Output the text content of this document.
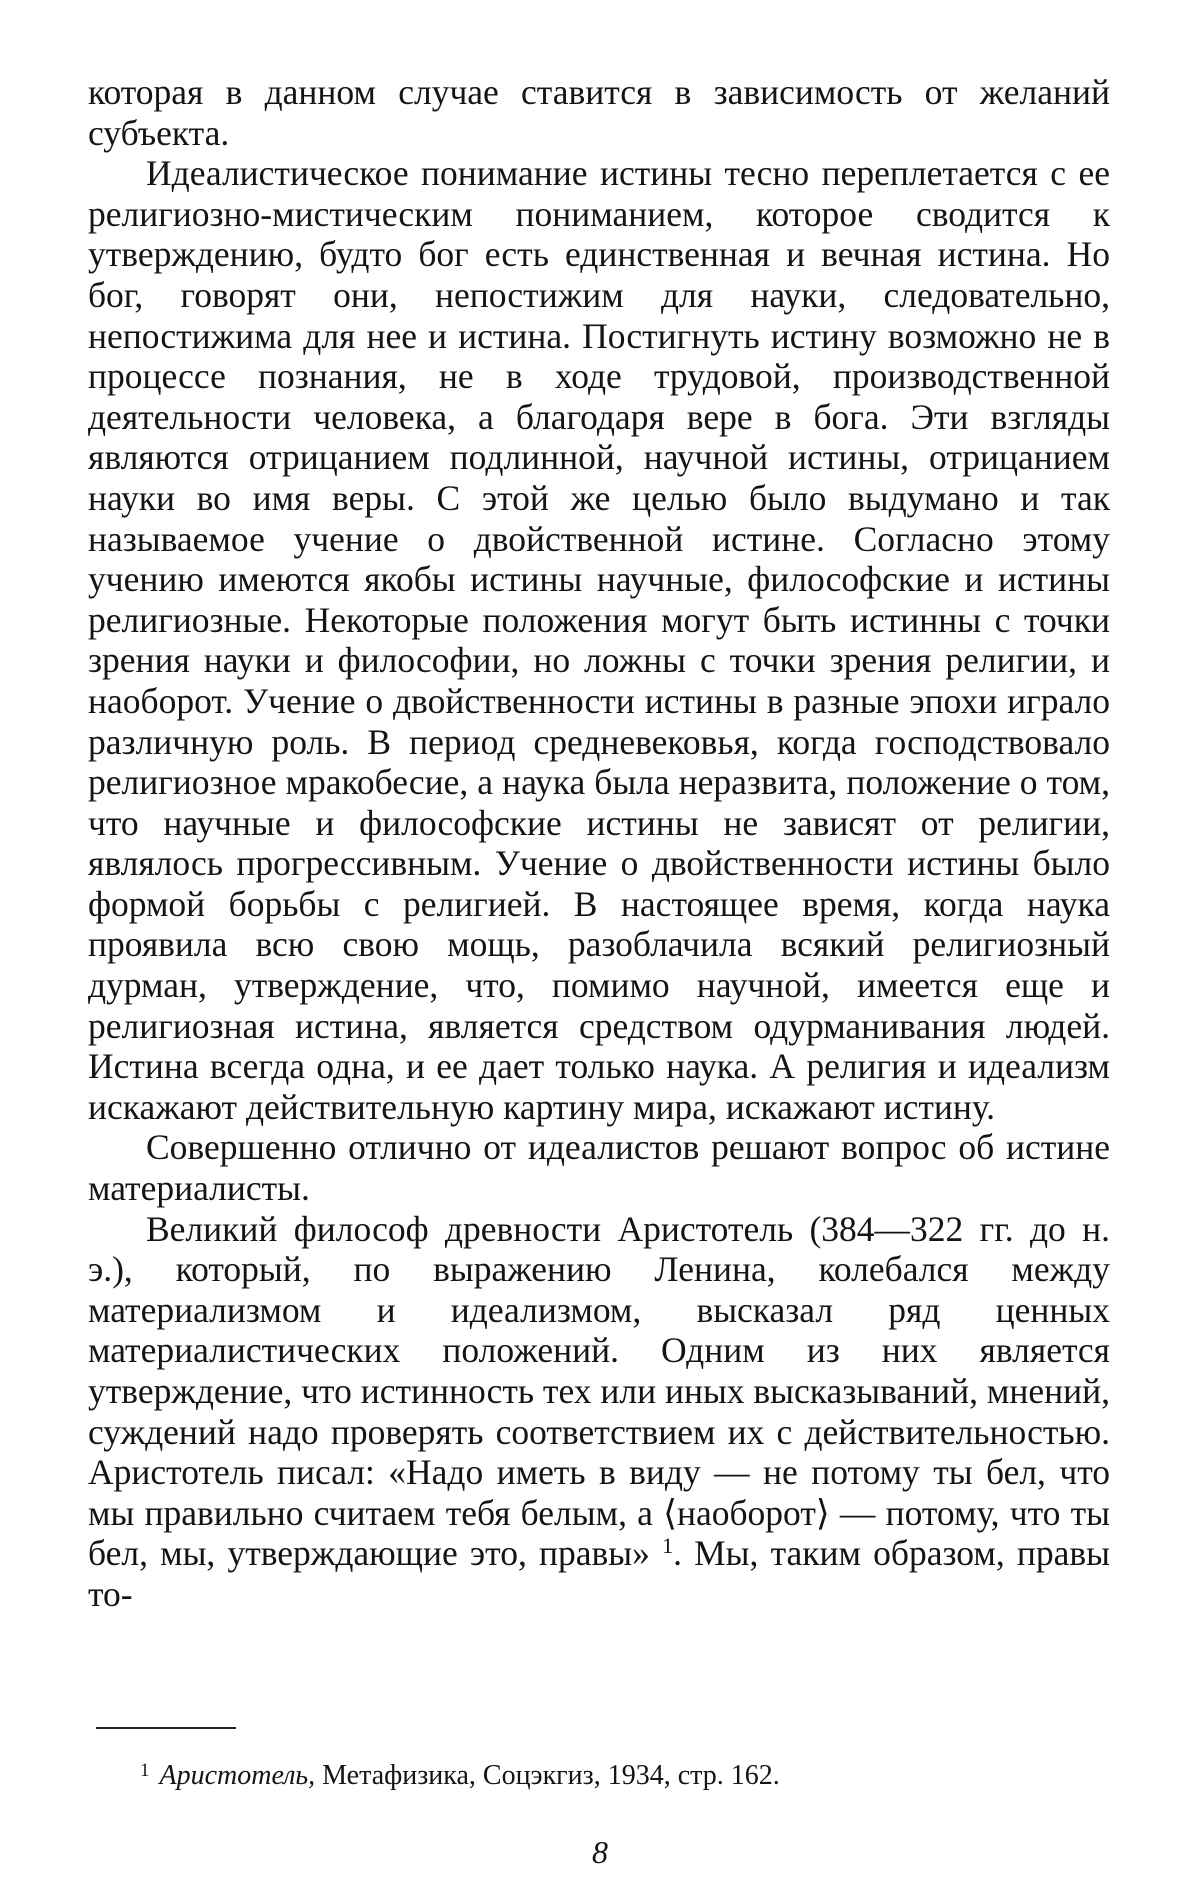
которая в данном случае ставится в зависимость от желаний субъекта.

Идеалистическое понимание истины тесно переплетается с ее религиозно-мистическим пониманием, которое сводится к утверждению, будто бог есть единственная и вечная истина. Но бог, говорят они, непостижим для науки, следовательно, непостижима для нее и истина. Постигнуть истину возможно не в процессе познания, не в ходе трудовой, производственной деятельности человека, а благодаря вере в бога. Эти взгляды являются отрицанием подлинной, научной истины, отрицанием науки во имя веры. С этой же целью было выдумано и так называемое учение о двойственной истине. Согласно этому учению имеются якобы истины научные, философские и истины религиозные. Некоторые положения могут быть истинны с точки зрения науки и философии, но ложны с точки зрения религии, и наоборот. Учение о двойственности истины в разные эпохи играло различную роль. В период средневековья, когда господствовало религиозное мракобесие, а наука была неразвита, положение о том, что научные и философские истины не зависят от религии, являлось прогрессивным. Учение о двойственности истины было формой борьбы с религией. В настоящее время, когда наука проявила всю свою мощь, разоблачила всякий религиозный дурман, утверждение, что, помимо научной, имеется еще и религиозная истина, является средством одурманивания людей. Истина всегда одна, и ее дает только наука. А религия и идеализм искажают действительную картину мира, искажают истину.

Совершенно отлично от идеалистов решают вопрос об истине материалисты.

Великий философ древности Аристотель (384—322 гг. до н. э.), который, по выражению Ленина, колебался между материализмом и идеализмом, высказал ряд ценных материалистических положений. Одним из них является утверждение, что истинность тех или иных высказываний, мнений, суждений надо проверять соответствием их с действительностью. Аристотель писал: «Надо иметь в виду — не потому ты бел, что мы правильно считаем тебя белым, а ⟨наоборот⟩ — потому, что ты бел, мы, утверждающие это, правы» $^1$. Мы, таким образом, правы то-

$^1$ Аристотель, Метафизика, Соцэкгиз, 1934, стр. 162.
8
